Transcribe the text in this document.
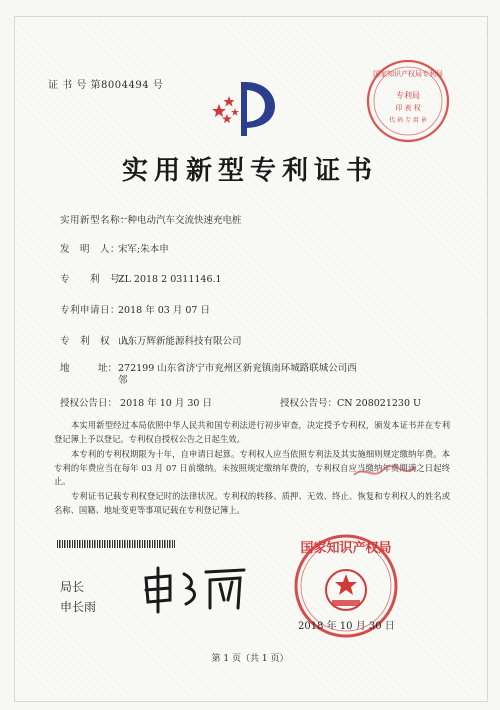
证 书 号 第8004494 号
国家知识产权局专利局
专利局
印 表 权
代 码 专 用 章
实用新型专利证书
实用新型名称：一种电动汽车交流快速充电桩
发　明　人：宋军;朱本申
专　　利　号：ZL 2018 2 0311146.1
专利申请日：2018 年 03 月 07 日
专　利　权　人：山东万辉新能源科技有限公司
地　　　址：272199 山东省济宁市兖州区新兖镇南环城路联城公司西邻
授权公告日： 2018 年 10 月 30 日	授权公告号：CN 208021230 U
本实用新型经过本局依照中华人民共和国专利法进行初步审查，决定授予专利权，颁发本证书并在专利登记簿上予以登记。专利权自授权公告之日起生效。
本专利的专利权期限为十年，自申请日起算。专利权人应当依照专利法及其实施细则规定缴纳年费。本专利的年费应当在每年 03 月 07 日前缴纳。未按照规定缴纳年费的，专利权自应当缴纳年费期满之日起终止。
专利证书记载专利权登记时的法律状况。专利权的转移、质押、无效、终止、恢复和专利权人的姓名或名称、国籍、地址变更等事项记载在专利登记簿上。
局长
申长雨
国家知识产权局
2018 年 10 月 30 日
第 1 页（共 1 页）
